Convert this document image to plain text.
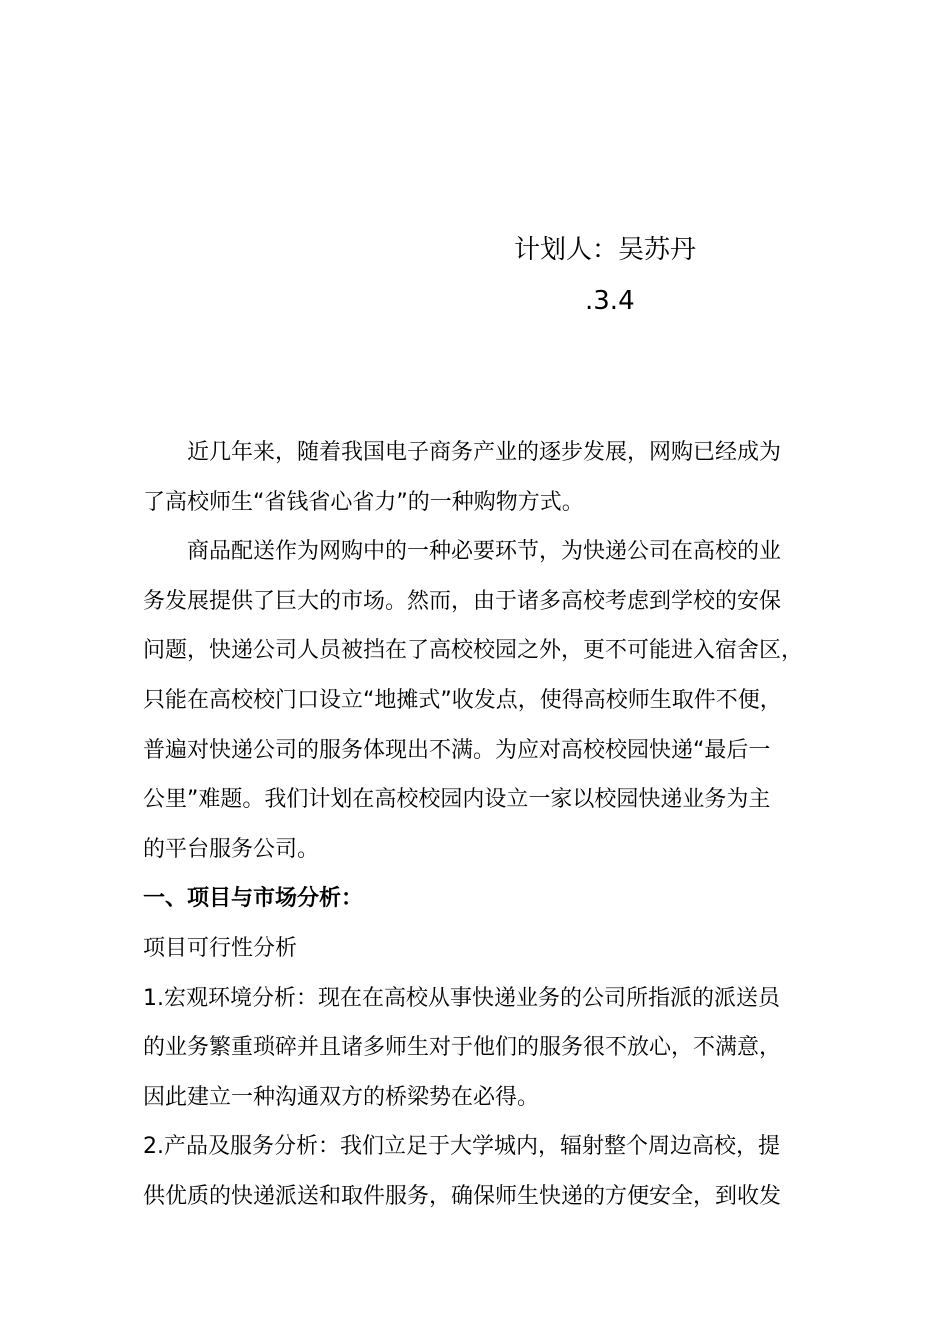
计划人：吴苏丹
.3.4
近几年来，随着我国电子商务产业的逐步发展，网购已经成为
了高校师生“省钱省心省力”的一种购物方式。
商品配送作为网购中的一种必要环节，为快递公司在高校的业
务发展提供了巨大的市场。然而，由于诸多高校考虑到学校的安保
问题，快递公司人员被挡在了高校校园之外，更不可能进入宿舍区，
只能在高校校门口设立“地摊式”收发点，使得高校师生取件不便，
普遍对快递公司的服务体现出不满。为应对高校校园快递“最后一
公里”难题。我们计划在高校校园内设立一家以校园快递业务为主
的平台服务公司。
一、项目与市场分析：
项目可行性分析
1.宏观环境分析：现在在高校从事快递业务的公司所指派的派送员
的业务繁重琐碎并且诸多师生对于他们的服务很不放心，不满意，
因此建立一种沟通双方的桥梁势在必得。
2.产品及服务分析：我们立足于大学城内，辐射整个周边高校，提
供优质的快递派送和取件服务，确保师生快递的方便安全，到收发
